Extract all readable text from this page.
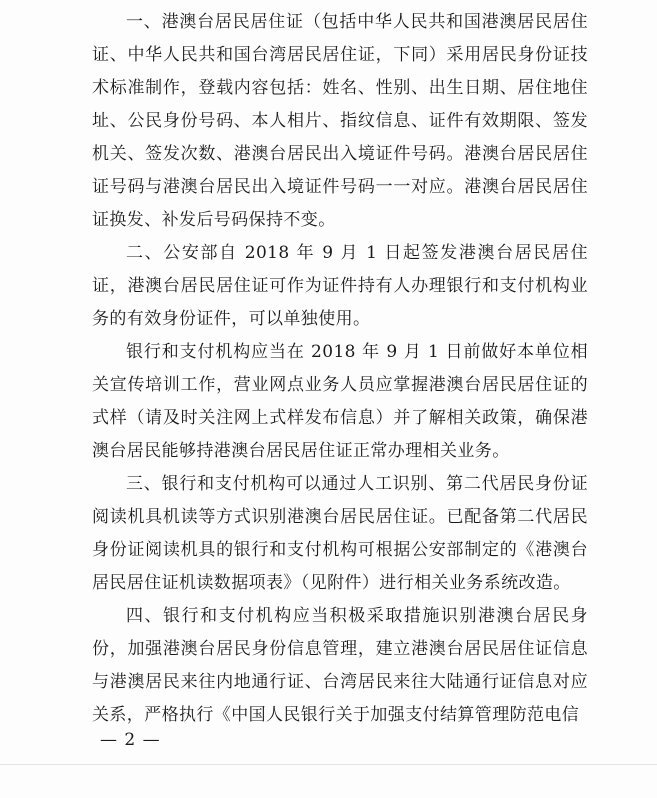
一、港澳台居民居住证（包括中华人民共和国港澳居民居住证、中华人民共和国台湾居民居住证，下同）采用居民身份证技术标准制作，登载内容包括：姓名、性别、出生日期、居住地住址、公民身份号码、本人相片、指纹信息、证件有效期限、签发机关、签发次数、港澳台居民出入境证件号码。港澳台居民居住证号码与港澳台居民出入境证件号码一一对应。港澳台居民居住证换发、补发后号码保持不变。

二、公安部自 2018 年 9 月 1 日起签发港澳台居民居住证，港澳台居民居住证可作为证件持有人办理银行和支付机构业务的有效身份证件，可以单独使用。

银行和支付机构应当在 2018 年 9 月 1 日前做好本单位相关宣传培训工作，营业网点业务人员应掌握港澳台居民居住证的式样（请及时关注网上式样发布信息）并了解相关政策，确保港澳台居民能够持港澳台居民居住证正常办理相关业务。

三、银行和支付机构可以通过人工识别、第二代居民身份证阅读机具机读等方式识别港澳台居民居住证。已配备第二代居民身份证阅读机具的银行和支付机构可根据公安部制定的《港澳台居民居住证机读数据项表》（见附件）进行相关业务系统改造。

四、银行和支付机构应当积极采取措施识别港澳台居民身份，加强港澳台居民身份信息管理，建立港澳台居民居住证信息与港澳居民来往内地通行证、台湾居民来往大陆通行证信息对应关系，严格执行《中国人民银行关于加强支付结算管理防范电信

— 2 —
